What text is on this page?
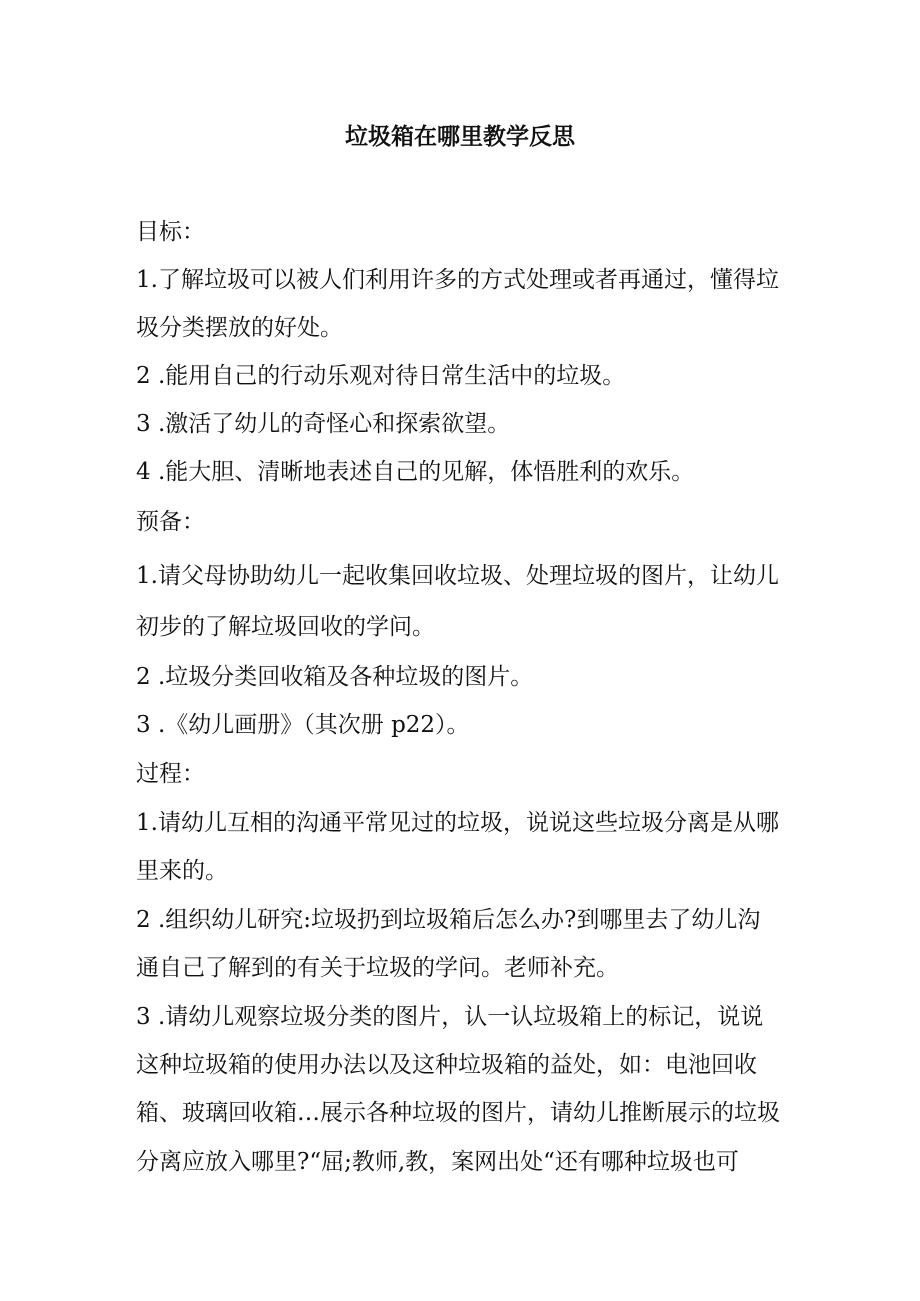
垃圾箱在哪里教学反思
目标：
1.了解垃圾可以被人们利用许多的方式处理或者再通过，懂得垃
圾分类摆放的好处。
2 .能用自己的行动乐观对待日常生活中的垃圾。
3 .激活了幼儿的奇怪心和探索欲望。
4 .能大胆、清晰地表述自己的见解，体悟胜利的欢乐。
预备：
1.请父母协助幼儿一起收集回收垃圾、处理垃圾的图片，让幼儿
初步的了解垃圾回收的学问。
2 .垃圾分类回收箱及各种垃圾的图片。
3 .《幼儿画册》（其次册 p22）。
过程：
1.请幼儿互相的沟通平常见过的垃圾，说说这些垃圾分离是从哪
里来的。
2 .组织幼儿研究:垃圾扔到垃圾箱后怎么办?到哪里去了幼儿沟
通自己了解到的有关于垃圾的学问。老师补充。
3 .请幼儿观察垃圾分类的图片，认一认垃圾箱上的标记，说说
这种垃圾箱的使用办法以及这种垃圾箱的益处，如：电池回收
箱、玻璃回收箱…展示各种垃圾的图片，请幼儿推断展示的垃圾
分离应放入哪里?“屈;教师,教，案网出处“还有哪种垃圾也可
